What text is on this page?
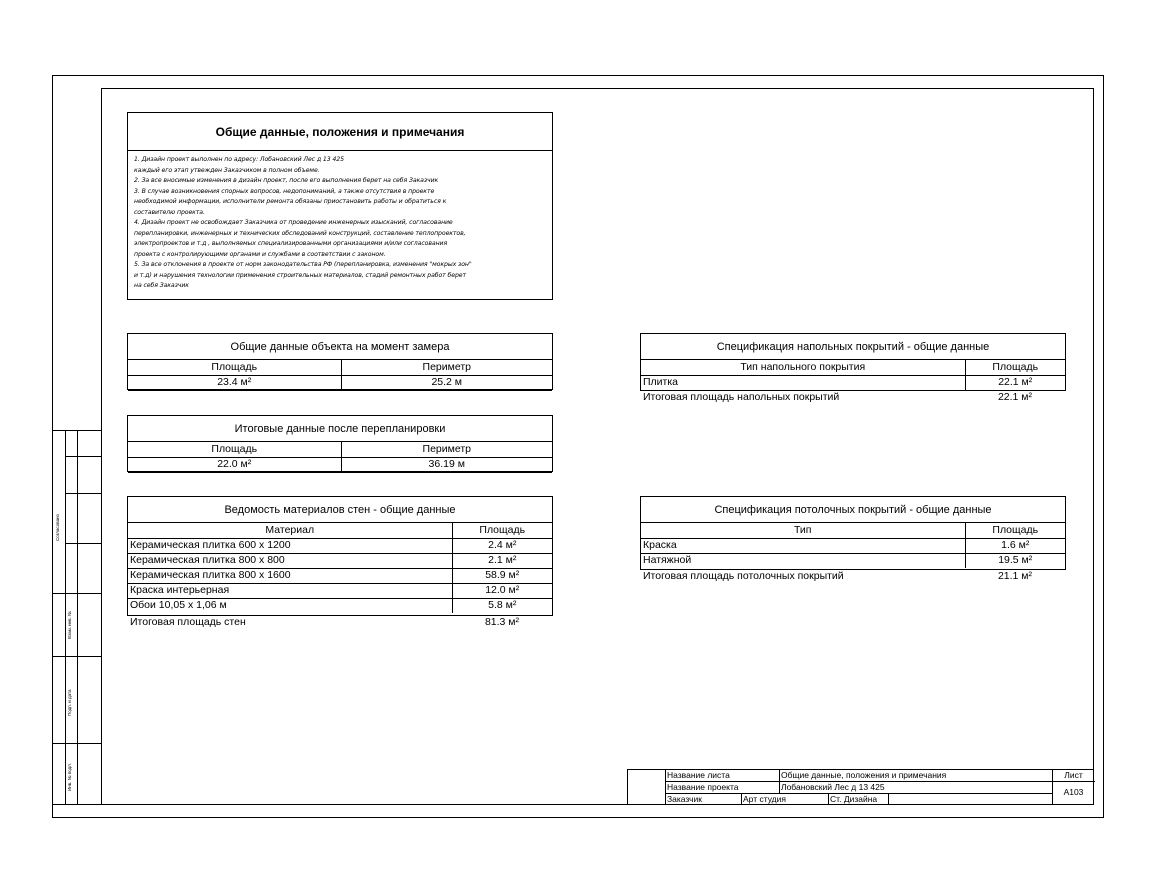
Согласовано
Взам. инв. №
Подп. и дата
Инв. № подл.
Общие данные, положения и примечания
1. Дизайн проект выполнен по адресу: Лобановский Лес д 13 425
каждый его этап утвежден Заказчиком в полном объеме.
2. За все вносимые изменения в дизайн проект, после его выполнения берет на себя Заказчик
3. В случае возникновения спорных вопросов, недопониманий, а также отсутствия в проекте
необходимой информации, исполнители ремонта обязаны приостановить работы и обратиться к
составителю проекта.
4. Дизайн проект не освобождает Заказчика от проведение инженерных изысканий, согласование
перепланировки, инженерных и технических обследований конструкций, составление теплопроектов,
электропроектов и т.д , выполняемых специализированными организациями и/или согласования
проекта с контролирующими органами и службами в соответствии с законом.
5. За все отклонения в проекте от норм законодательства РФ (перепланировка, изменения "мокрых зон"
и т.д) и нарушения технологии применения строительных материалов, стадий ремонтных работ берет
на себя Заказчик
Общие данные объекта на момент замера
Площадь	Периметр
23.4 м²	25.2 м
Итоговые данные после перепланировки
Площадь	Периметр
22.0 м²	36.19 м
Ведомость материалов стен - общие данные
Материал	Площадь
Керамическая плитка 600 х 1200	2.4 м²
Керамическая плитка 800 х 800	2.1 м²
Керамическая плитка 800 х 1600	58.9 м²
Краска интерьерная	12.0 м²
Обои 10,05 х 1,06 м	5.8 м²
Итоговая площадь стен	81.3 м²
Спецификация напольных покрытий - общие данные
Тип напольного покрытия	Площадь
Плитка	22.1 м²
Итоговая площадь напольных покрытий	22.1 м²
Спецификация потолочных покрытий - общие данные
Тип	Площадь
Краска	1.6 м²
Натяжной	19.5 м²
Итоговая площадь потолочных покрытий	21.1 м²
Название листа	Общие данные, положения и примечания
Название проекта	Лобановский Лес д 13 425
Заказчик	Арт студия	Ст. Дизайна
Лист
А103
